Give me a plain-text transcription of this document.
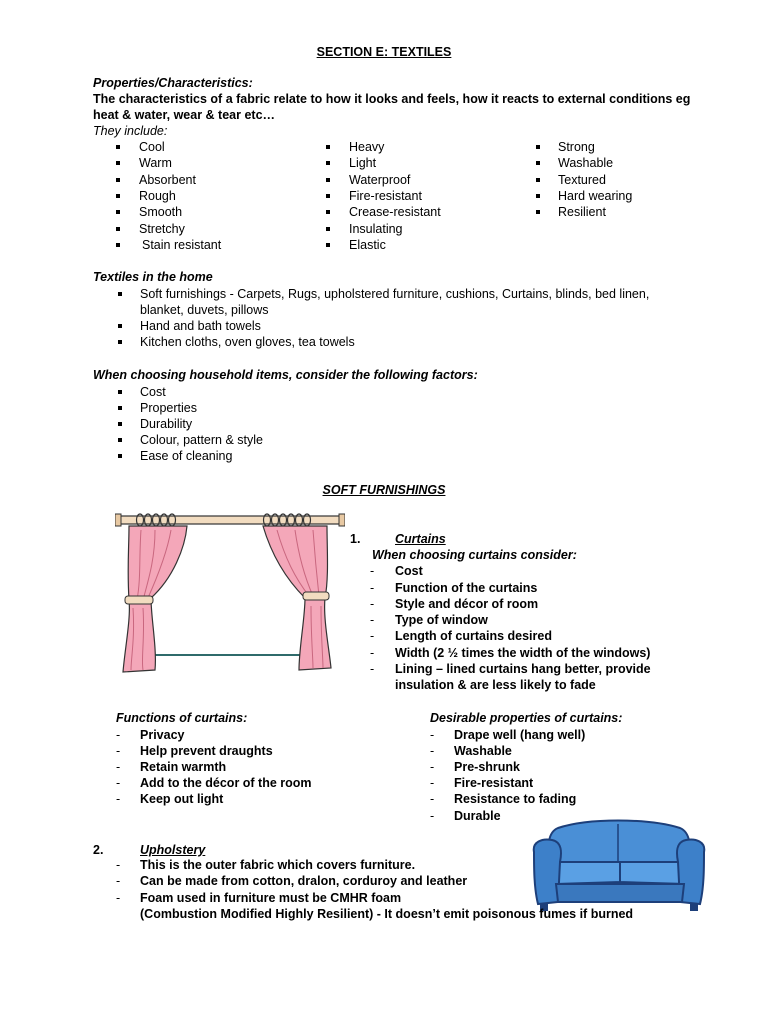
SECTION E: TEXTILES
Properties/Characteristics:
The characteristics of a fabric relate to how it looks and feels, how it reacts to external conditions eg
heat & water, wear & tear etc…
They include:
Cool
Warm
Absorbent
Rough
Smooth
Stretchy
Stain resistant
Heavy
Light
Waterproof
Fire-resistant
Crease-resistant
Insulating
Elastic
Strong
Washable
Textured
Hard wearing
Resilient
Textiles in the home
Soft furnishings - Carpets, Rugs, upholstered furniture, cushions, Curtains, blinds, bed linen,
blanket, duvets, pillows
Hand and bath towels
Kitchen cloths, oven gloves, tea towels
When choosing household items, consider the following factors:
Cost
Properties
Durability
Colour, pattern & style
Ease of cleaning
SOFT FURNISHINGS
1.	Curtains
When choosing curtains consider:
- Cost
- Function of the curtains
- Style and décor of room
- Type of window
- Length of curtains desired
- Width (2 ½ times the width of the windows)
- Lining – lined curtains hang better, provide
insulation & are less likely to fade
Functions of curtains:
- Privacy
- Help prevent draughts
- Retain warmth
- Add to the décor of the room
- Keep out light
Desirable properties of curtains:
- Drape well (hang well)
- Washable
- Pre-shrunk
- Fire-resistant
- Resistance to fading
- Durable
2.	Upholstery
- This is the outer fabric which covers furniture.
- Can be made from cotton, dralon, corduroy and leather
- Foam used in furniture must be CMHR foam
(Combustion Modified Highly Resilient) - It doesn’t emit poisonous fumes if burned
